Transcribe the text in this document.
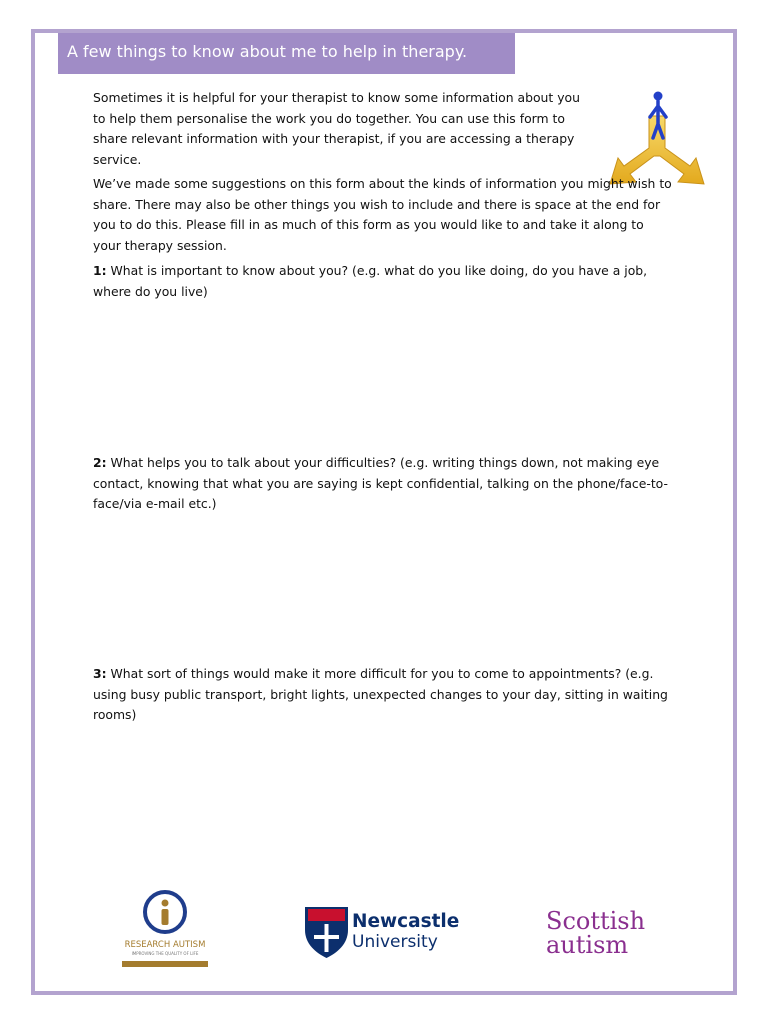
A few things to know about me to help in therapy.

Sometimes it is helpful for your therapist to know some information about you to help them personalise the work you do together. You can use this form to share relevant information with your therapist, if you are accessing a therapy service.

We’ve made some suggestions on this form about the kinds of information you might wish to share. There may also be other things you wish to include and there is space at the end for you to do this. Please fill in as much of this form as you would like to and take it along to your therapy session.

1: What is important to know about you? (e.g. what do you like doing, do you have a job, where do you live)

2: What helps you to talk about your difficulties? (e.g. writing things down, not making eye contact, knowing that what you are saying is kept confidential, talking on the phone/face-to-face/via e-mail etc.)

3: What sort of things would make it more difficult for you to come to appointments? (e.g. using busy public transport, bright lights, unexpected changes to your day, sitting in waiting rooms)

RESEARCH AUTISM
IMPROVING THE QUALITY OF LIFE
Newcastle
University
Scottish
autism
